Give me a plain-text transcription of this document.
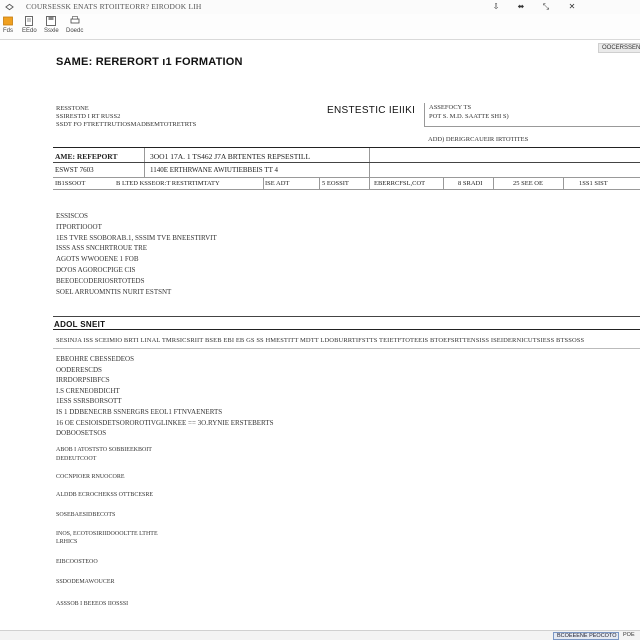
COURSESSK ENATS RTOIITEORR? EIRODOK LIH	⇩	⬌	⤡	✕
Fds EEdo Ssxle Doedc
OOCERSSEN
SAME: RERERORT ı1 FORMATION
RESSTONE
SSIRESTD I RT RUSS2
SSDT FO FTRETTRUTIOSMADBEMTOTRETRTS
ENSTESTIC IEIIKI ASSEFOCY TS
POT S. M.D. SAATTE SHI S)
ADD) DERIGRCAUEIR IRTOTITES
AME: REFEPORT	3OO1 17A. 1 TS462 J7A BRTENTES REPSESTILL
ESWST 7603	1140E ERTHRWANE AWIUTIEBBEIS TT 4
IB1SSOOT	B LTED KSSEOR:T RESTRTIMTATY	ISE ADT	5 EOSSIT	EBERRCFSL,COT	8 SRADI	25 SEE OE	1SS1 SIST
ESSISCOS
ITPORTIOOOT
1ES TVRE SSOBORAB.1, SSSIM TVE BNEESTIRVIT
ISSS ASS SNCHRTROUE TRE
AGOTS WWOOENE 1 FOB
DO'OS AGOROCPIGE CIS
BEEOECODERIOSRTOTEDS
SOEL ARRUOMNTIS NURIT ESTSNT
ADOL SNEIT
SESINJA ISS SCEIMIO BRTI LINAL TMRSICSRIIT BSEB EBI EB GS SS HMESTITT MDTT LDOBURRTIFSTTS TEIETFTOTEEIS BTOEFSRTTENSISS ISEIDERNICUTSIESS BTSSOSS
EBEOHRE CBESSEDEOS
OODERESCDS
IRRDORPSIBFCS
I.S CRENEOBDICHT
1ESS SSRSBORSOTT
IS 1 DDBENECRB SSNERGRS EEOL1 FTNVAENERTS
16 OE CESIOISDETSOROROTIVGLINKEE == 3O.RYNIE ERSTEBERTS
DOBOOSETSOS
ABOB I ATOSTSTO SOBBIEEKBOIT
DEDEUTCOOT
COCNPIOER RNUOCORE
ALDDB ECROCHEKSS OTTBCESRE
SOSEBAESIDBECOTS
INOS, ECOTOSIRIIDOOOLTTE LTHTE
LRHICS
EIBCOOSTEOO
SSDODEMAWOUCER
ASSSOB I BEEEOS IIOSSSI
BCOEEENE PEOCOTO	POE
